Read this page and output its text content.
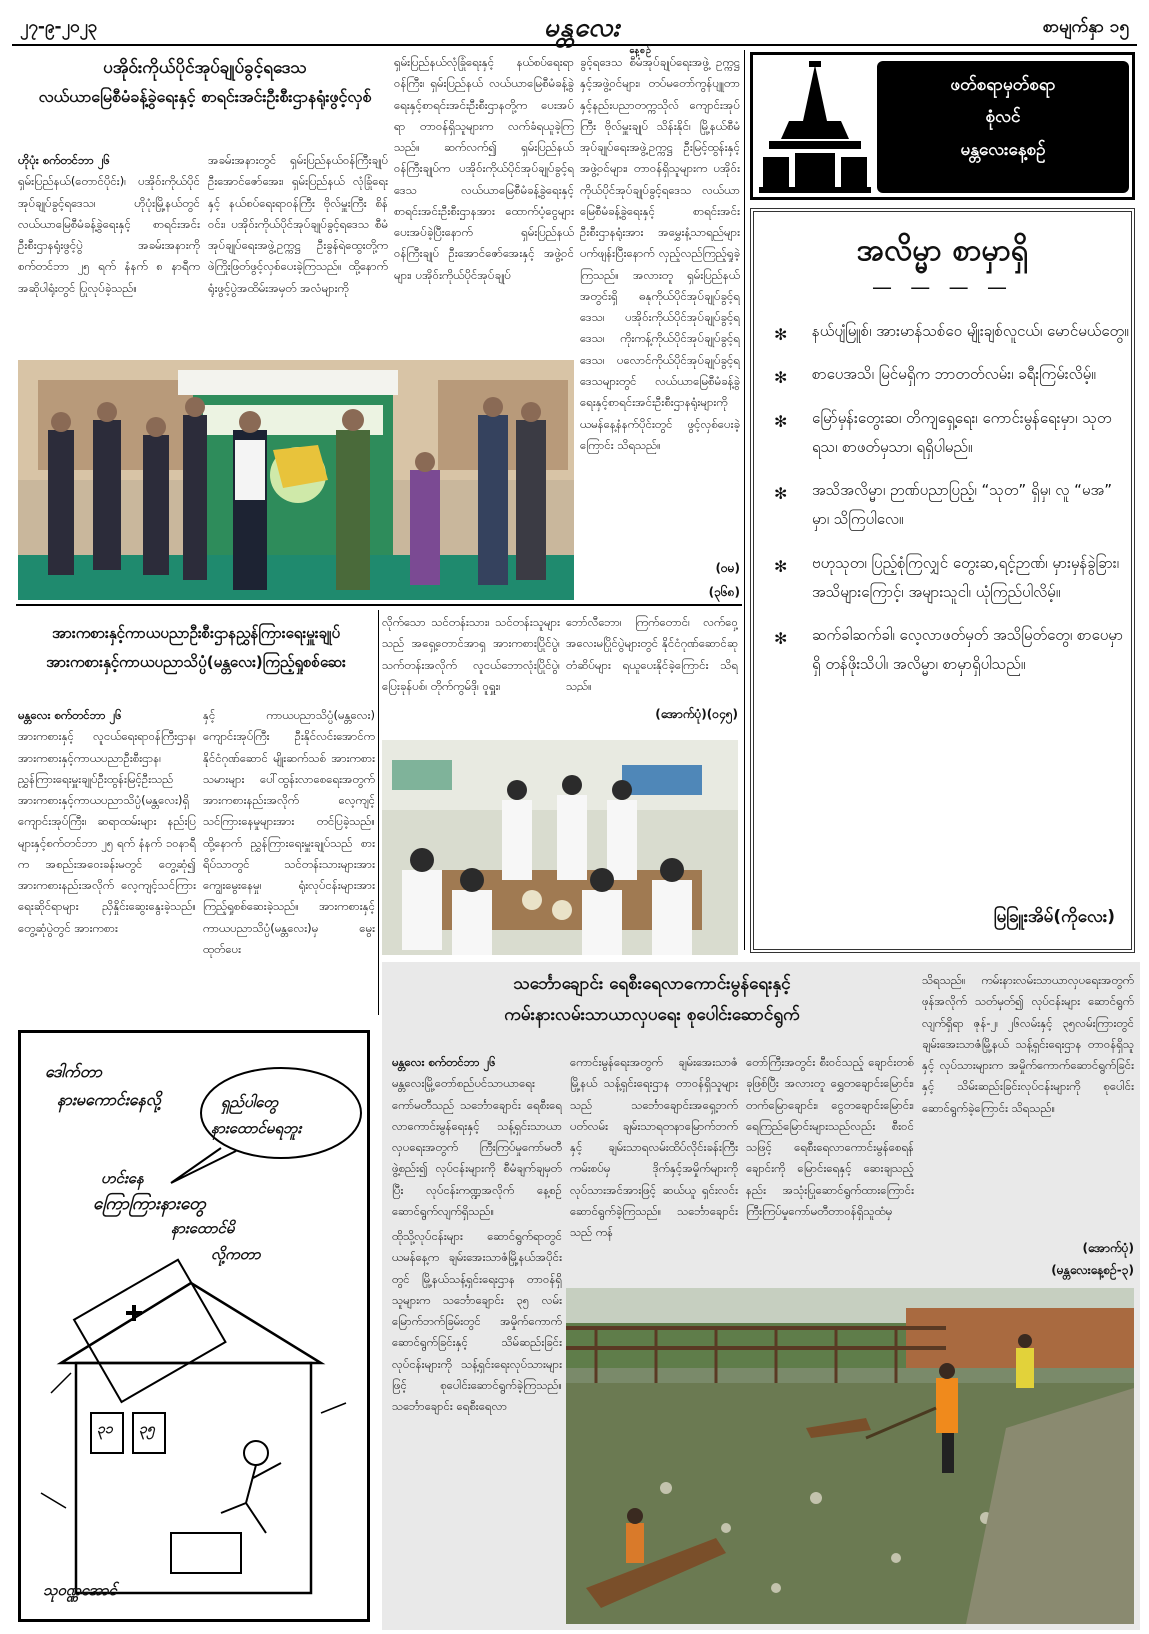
၂၇-၉-၂၀၂၃	မန္တလေး
နေ့စဉ်
စာမျက်နှာ ၁၅
ပအိုဝ်းကိုယ်ပိုင်အုပ်ချုပ်ခွင့်ရဒေသ
လယ်ယာမြေစီမံခန့်ခွဲရေးနှင့် စာရင်းအင်းဦးစီးဌာနရုံးဖွင့်လှစ်
ဟိုပုံး စက်တင်ဘာ ၂၆
ရှမ်းပြည်နယ်(တောင်ပိုင်း)၊ ပအိုဝ်းကိုယ်ပိုင်အုပ်ချုပ်ခွင့်ရဒေသ၊ ဟိုပုံးမြို့နယ်တွင် လယ်ယာမြေစီမံခန့်ခွဲရေးနှင့် စာရင်းအင်းဦးစီးဌာနရုံးဖွင့်ပွဲ အခမ်းအနားကို စက်တင်ဘာ ၂၅ ရက် နံနက် ၈ နာရီက အဆိုပါရုံးတွင် ပြုလုပ်ခဲ့သည်။
အခမ်းအနားတွင် ရှမ်းပြည်နယ်ဝန်ကြီးချုပ် ဦးအောင်ဇော်အေး၊ ရှမ်းပြည်နယ် လုံခြုံရေးနှင့် နယ်စပ်ရေးရာဝန်ကြီး ဗိုလ်မှူးကြီး စိန်ဝင်း၊ ပအိုဝ်းကိုယ်ပိုင်အုပ်ချုပ်ခွင့်ရဒေသ စီမံအုပ်ချုပ်ရေးအဖွဲ့ဥက္ကဋ္ဌ ဦးခွန်ရဲထွေးတို့က ဖဲကြိုးဖြတ်ဖွင့်လှစ်ပေးခဲ့ကြသည်။ ထို့နောက် ရုံးဖွင့်ပွဲအထိမ်းအမှတ် အလံများကို
ရှမ်းပြည်နယ်လုံခြုံရေးနှင့် နယ်စပ်ရေးရာဝန်ကြီး၊ ရှမ်းပြည်နယ် လယ်ယာမြေစီမံခန့်ခွဲရေးနှင့်စာရင်းအင်းဦးစီးဌာနတို့က ပေးအပ်ရာ တာဝန်ရှိသူများက လက်ခံရယူခဲ့ကြသည်။ ဆက်လက်၍ ရှမ်းပြည်နယ်ဝန်ကြီးချုပ်က ပအိုဝ်းကိုယ်ပိုင်အုပ်ချုပ်ခွင့်ရဒေသ လယ်ယာမြေစီမံခန့်ခွဲရေးနှင့် စာရင်းအင်းဦးစီးဌာနအား ထောက်ပံ့ငွေများ ပေးအပ်ခဲ့ပြီးနောက် ရှမ်းပြည်နယ်ဝန်ကြီးချုပ် ဦးအောင်ဇော်အေးနှင့် အဖွဲ့ဝင်များ၊ ပအိုဝ်းကိုယ်ပိုင်အုပ်ချုပ်
ခွင့်ရဒေသ စီမံအုပ်ချုပ်ရေးအဖွဲ့ ဥက္ကဋ္ဌနှင့်အဖွဲ့ဝင်များ၊ တပ်မတော်ကွန်ပျူတာနှင့်နည်းပညာတက္ကသိုလ် ကျောင်းအုပ်ကြီး ဗိုလ်မှူးချုပ် သိန်းနိုင်၊ မြို့နယ်စီမံအုပ်ချုပ်ရေးအဖွဲ့ဥက္ကဋ္ဌ ဦးမြင့်ထွန်းနှင့် အဖွဲ့ဝင်များ၊ တာဝန်ရှိသူများက ပအိုဝ်းကိုယ်ပိုင်အုပ်ချုပ်ခွင့်ရဒေသ လယ်ယာမြေစီမံခန့်ခွဲရေးနှင့် စာရင်းအင်းဦးစီးဌာနရုံးအား အမွှေးနံ့သာရည်များပက်ဖျန်းပြီးနောက် လှည့်လည်ကြည့်ရှုခဲ့ကြသည်။ အလားတူ ရှမ်းပြည်နယ်အတွင်းရှိ ဓနုကိုယ်ပိုင်အုပ်ချုပ်ခွင့်ရဒေသ၊ ပအိုဝ်းကိုယ်ပိုင်အုပ်ချုပ်ခွင့်ရဒေသ၊ ကိုးကန့်ကိုယ်ပိုင်အုပ်ချုပ်ခွင့်ရဒေသ၊ ပလောင်ကိုယ်ပိုင်အုပ်ချုပ်ခွင့်ရဒေသများတွင် လယ်ယာမြေစီမံခန့်ခွဲရေးနှင့်စာရင်းအင်းဦးစီးဌာနရုံးများကို ယမန်နေ့နံနက်ပိုင်းတွင် ဖွင့်လှစ်ပေးခဲ့ကြောင်း သိရသည်။
(ဝမ)
(၃၆၈)
အားကစားနှင့်ကာယပညာဦးစီးဌာနညွှန်ကြားရေးမှူးချုပ်
အားကစားနှင့်ကာယပညာသိပ္ပံ(မန္တလေး)ကြည့်ရှုစစ်ဆေး
မန္တလေး စက်တင်ဘာ ၂၆
အားကစားနှင့် လူငယ်ရေးရာဝန်ကြီးဌာန၊ အားကစားနှင့်ကာယပညာဦးစီးဌာန၊ ညွှန်ကြားရေးမှူးချုပ်ဦးထွန်းမြင့်ဦးသည် အားကစားနှင့်ကာယပညာသိပ္ပံ(မန္တလေး)ရှိ ကျောင်းအုပ်ကြီး၊ ဆရာထမ်းများ နည်းပြများနှင့်စက်တင်ဘာ ၂၅ ရက် နံနက် ၁၀နာရီက အစည်းအဝေးခန်းမတွင် တွေ့ဆုံ၍ အားကစားနည်းအလိုက် လေ့ကျင့်သင်ကြားရေးဆိုင်ရာများ ညှိနှိုင်းဆွေးနွေးခဲ့သည်။ တွေ့ဆုံပွဲတွင် အားကစား
နှင့် ကာယပညာသိပ္ပံ(မန္တလေး) ကျောင်းအုပ်ကြီး ဦးနိုင်လင်းအောင်က နိုင်ငံဂုဏ်ဆောင် မျိုးဆက်သစ် အားကစားသမားများ ပေါ်ထွန်းလာစေရေးအတွက် အားကစားနည်းအလိုက် လေ့ကျင့်သင်ကြားနေမှုများအား တင်ပြခဲ့သည်။ ထို့နောက် ညွှန်ကြားရေးမှူးချုပ်သည် စားရိပ်သာတွင် သင်တန်းသားများအား ကျွေးမွေးနေမှု၊ ရုံးလုပ်ငန်းများအား ကြည့်ရှုစစ်ဆေးခဲ့သည်။ အားကစားနှင့်ကာယပညာသိပ္ပံ(မန္တလေး)မှ မွေးထုတ်ပေး
လိုက်သော သင်တန်းသား၊ သင်တန်းသူများသည် အရှေ့တောင်အာရှ အားကစားပြိုင်ပွဲ၊သက်တန်းအလိုက် လူငယ်ဘောလုံးပြိုင်ပွဲ၊ ပြေးခုန်ပစ်၊ တိုက်ကွမ်ဒို၊ ဝူရှူး၊
ဘော်လီဘော၊ ကြက်တောင်၊ လက်ဝှေ့ အလေးမပြိုင်ပွဲများတွင် နိုင်ငံဂုဏ်ဆောင်ဆုတံဆိပ်များ ရယူပေးနိုင်ခဲ့ကြောင်း သိရသည်။
(အောက်ပုံ)(၀၄၅)
ဖတ်စရာမှတ်စရာ
စုံလင်
မန္တလေးနေ့စဉ်
အလိမ္မာ စာမှာရှိ
— — — —
✻ နယ်ပျံမြူစ်၊ အားမာန်သစ်ဝေ မျိုးချစ်လူငယ်၊ မောင်မယ်တွေ။
✻ စာပေအသိ၊ မြင်မရှိက ဘာတတ်လမ်း၊ ခရီးကြမ်းလိမ့်။
✻ မြော်မှန်းတွေးဆ၊ တိကျရှေ့ရေး၊ ကောင်းမွန်ရေးမှာ၊ သုတ ရသ၊ စာဖတ်မှသာ၊ ရရှိပါမည်။
✻ အသိအလိမ္မာ၊ ဉာဏ်ပညာပြည့်၊ “သုတ” ရှိမှ၊ လူ “မအ” မှာ၊ သိကြပါလေ။
✻ ဗဟုသုတ၊ ပြည့်စုံကြလျှင် တွေးဆ,ရင့်ဉာဏ်၊ မှားမှန်ခွဲခြား၊ အသိများကြောင့်၊ အများသူငါ၊ ယုံကြည်ပါလိမ့်။
✻ ဆက်ခါဆက်ခါ၊ လေ့လာဖတ်မှတ် အသိမြတ်တွေ၊ စာပေမှာရှိ တန်ဖိုးသိပါ၊ အလိမ္မာ၊ စာမှာရှိပါသည်။
မြခြူးအိမ်(ကိုလေး)
ဒေါက်တာ
နားမကောင်းနေလို့	ရှည်ပါတွေ
နားထောင်မရဘူး
ဟင်းနေ
ကြောကြားနားတွေ
နားထောင်မိ
လို့ကတာ
၃၁ ၃၅
သုဝဏ္ဏအောင်
သင်္ဘောချောင်း ရေစီးရေလာကောင်းမွန်ရေးနှင့်
ကမ်းနားလမ်းသာယာလှပရေး စုပေါင်းဆောင်ရွက်
မန္တလေး စက်တင်ဘာ ၂၆
မန္တလေးမြို့တော်စည်ပင်သာယာရေးကော်မတီသည် သင်္ဘောချောင်း ရေစီးရေလာကောင်းမွန်ရေးနှင့် သန့်ရှင်းသာယာလှပရေးအတွက် ကြီးကြပ်မှုကော်မတီဖွဲ့စည်း၍ လုပ်ငန်းများကို စီမံချက်ချမှတ်ပြီး လုပ်ငန်းကဏ္ဍအလိုက် နေ့စဉ်ဆောင်ရွက်လျက်ရှိသည်။
ထိုသို့လုပ်ငန်းများ ဆောင်ရွက်ရာတွင် ယမန်နေ့က ချမ်းအေးသာဇံမြို့နယ်အပိုင်းတွင် မြို့နယ်သန့်ရှင်းရေးဌာန တာဝန်ရှိသူများက သင်္ဘောချောင်း ၃၅ လမ်း မြောက်ဘက်ခြမ်းတွင် အမှိုက်ကောက်ဆောင်ရွက်ခြင်းနှင့် သိမ်ဆည်းခြင်းလုပ်ငန်းများကို သန့်ရှင်းရေးလုပ်သားများဖြင့် စုပေါင်းဆောင်ရွက်ခဲ့ကြသည်။ သင်္ဘောချောင်း ရေစီးရေလာ
ကောင်းမွန်ရေးအတွက် ချမ်းအေးသာဇံမြို့နယ် သန့်ရှင်းရေးဌာန တာဝန်ရှိသူများသည် သင်္ဘောချောင်းအရှေ့ဘက်ပတ်လမ်း ချမ်းသာရတနာမြောက်ဘက်နှင့် ချမ်းသာရလမ်းထိပ်လိုင်းခန်းကြီး ကမ်းစပ်မှ ဒိုက်နှင့်အမှိုက်များကို လုပ်သားအင်အားဖြင့် ဆယ်ယူ ရှင်းလင်းဆောင်ရွက်ခဲ့ကြသည်။ သင်္ဘောချောင်းသည် ကန်
တော်ကြီးအတွင်း စီးဝင်သည့် ချောင်းတစ်ခုဖြစ်ပြီး အလားတူ ရွှေတချောင်းမြောင်း၊ တက်မြောချောင်း၊ ငွေတချောင်းမြောင်း၊ ရေကြည်မြောင်းများသည်လည်း စီးဝင်သဖြင့် ရေစီးရေလာကောင်းမွန်စေရန် ချောင်းကို မြောင်းရေနှင့် ဆေးချသည့်နည်း အသုံးပြုဆောင်ရွက်ထားကြောင်း ကြီးကြပ်မှုကော်မတီတာဝန်ရှိသူထံမှ
သိရသည်။ ကမ်းနားလမ်းသာယာလှပရေးအတွက် ဖုန်အလိုက် သတ်မှတ်၍ လုပ်ငန်းများ ဆောင်ရွက်လျက်ရှိရာ ဇုန်-၂၊ ၂၆လမ်းနှင့် ၃၅လမ်းကြားတွင် ချမ်းအေးသာဇံမြို့နယ် သန့်ရှင်းရေးဌာန တာဝန်ရှိသူနှင့် လုပ်သားများက အမှိုက်ကောက်ဆောင်ရွက်ခြင်းနှင့် သိမ်းဆည်းခြင်းလုပ်ငန်းများကို စုပေါင်းဆောင်ရွက်ခဲ့ကြောင်း သိရသည်။
(အောက်ပုံ)
(မန္တလေးနေ့စဉ်-၃)
